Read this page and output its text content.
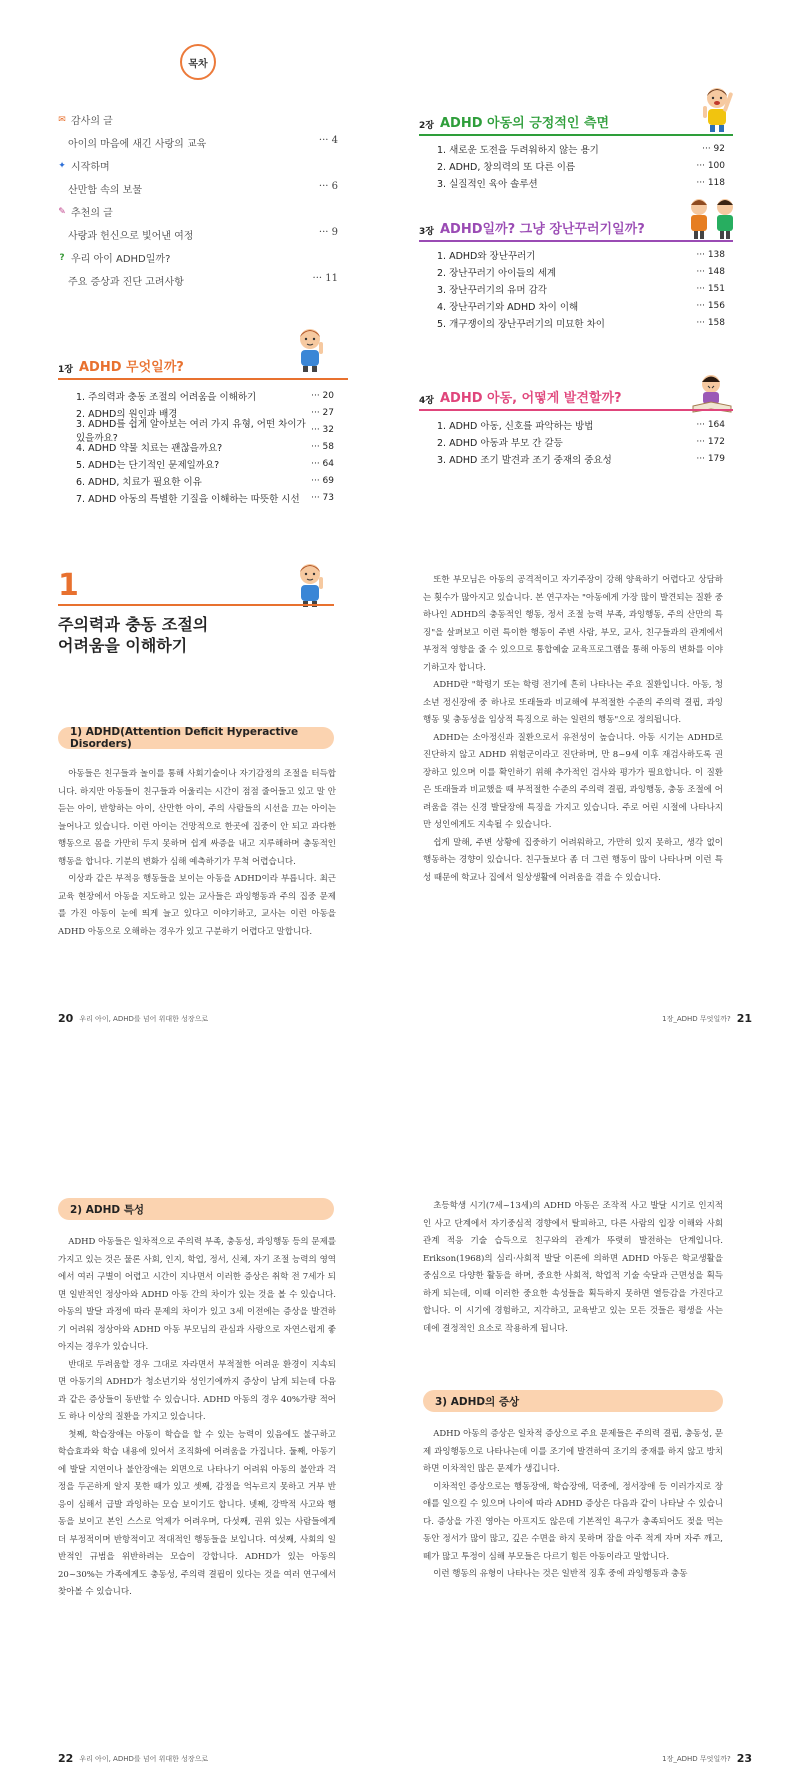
목차
✉ 감사의 글
아이의 마음에 새긴 사랑의 교육	··· 4
✦ 시작하며
산만함 속의 보물	··· 6
✎ 추천의 글
사랑과 헌신으로 빛어낸 여정	··· 9
? 우리 아이 ADHD일까?
주요 증상과 진단 고려사항	··· 11
1장 ADHD 무엇일까?
1. 주의력과 충동 조절의 어려움을 이해하기	··· 20
2. ADHD의 원인과 배경	··· 27
3. ADHD를 쉽게 알아보는 여러 가지 유형, 어떤 차이가 있을까요?
··· 32
4. ADHD 약물 치료는 괜찮을까요?	··· 58
5. ADHD는 단기적인 문제일까요?	··· 64
6. ADHD, 치료가 필요한 이유	··· 69
7. ADHD 아동의 특별한 기질을 이해하는 따뜻한 시선 ··· 73
2장 ADHD 아동의 긍정적인 측면
1. 새로운 도전을 두려워하지 않는 용기	··· 92
2. ADHD, 창의력의 또 다른 이름	··· 100
3. 실질적인 육아 솔루션	··· 118
3장 ADHD일까? 그냥 장난꾸러기일까?
1. ADHD와 장난꾸러기	··· 138
2. 장난꾸러기 아이들의 세계	··· 148
3. 장난꾸러기의 유머 감각	··· 151
4. 장난꾸러기와 ADHD 차이 이해	··· 156
5. 개구쟁이의 장난꾸러기의 미묘한 차이	··· 158
4장 ADHD 아동, 어떻게 발견할까?
1. ADHD 아동, 신호를 파악하는 방법	··· 164
2. ADHD 아동과 부모 간 갈등	··· 172
3. ADHD 조기 발견과 조기 중재의 중요성	··· 179
1
주의력과 충동 조절의
어려움을 이해하기
1) ADHD(Attention Deficit Hyperactive Disorders)

아동들은 친구들과 놀이를 통해 사회기술이나 자기감정의 조절을 터득합니다. 하지만 아동들이 친구들과 어울리는 시간이 점점 줄어들고 있고 말 안 듣는 아이, 반항하는 아이, 산만한 아이, 주의 사람들의 시선을 끄는 아이는 늘어나고 있습니다. 이런 아이는 건망적으로 한곳에 집중이 안 되고 과다한 행동으로 몸을 가만히 두지 못하며 쉽게 싸증을 내고 지루해하며 충동적인 행동을 합니다. 기분의 변화가 심해 예측하기가 무척 어렵습니다.

이상과 같은 부적응 행동들을 보이는 아동을 ADHD이라 부릅니다. 최근 교육 현장에서 아동을 지도하고 있는 교사들은 과잉행동과 주의 집중 문제를 가진 아동이 눈에 띄게 늘고 있다고 이야기하고, 교사는 이런 아동을 ADHD 아동으로 오해하는 경우가 있고 구분하기 어렵다고 말합니다.

20 우리 아이, ADHD를 넘어 위대한 성장으로

또한 부모님은 아동의 공격적이고 자기주장이 강해 양육하기 어렵다고 상담하는 횟수가 많아지고 있습니다. 본 연구자는 "아동에게 가장 많이 발견되는 질환 중 하나인 ADHD의 충동적인 행동, 정서 조절 능력 부족, 과잉행동, 주의 산만의 특징"을 살펴보고 이런 특이한 행동이 주변 사람, 부모, 교사, 친구들과의 관계에서 부정적 영향을 줄 수 있으므로 통합예술 교육프로그램을 통해 아동의 변화를 이야기하고자 합니다.

ADHD란 "학령기 또는 학령 전기에 흔히 나타나는 주요 질환입니다. 아동, 청소년 정신장애 중 하나로 또래들과 비교해에 부적절한 수준의 주의력 결핍, 과잉행동 및 충동성을 임상적 특징으로 하는 일련의 행동"으로 정의됩니다.

ADHD는 소아정신과 질환으로서 유전성이 높습니다. 아동 시기는 ADHD로 진단하지 않고 ADHD 위험군이라고 진단하며, 만 8~9세 이후 재검사하도록 권장하고 있으며 이를 확인하기 위해 추가적인 검사와 평가가 필요합니다. 이 질환은 또래들과 비교했을 때 부적절한 수준의 주의력 결핍, 과잉행동, 충동 조절에 어려움을 겪는 신경 발달장애 특징을 가지고 있습니다. 주로 어린 시절에 나타나지만 성인에게도 지속될 수 있습니다.

쉽게 말해, 주변 상황에 집중하기 어려워하고, 가만히 있지 못하고, 생각 없이 행동하는 경향이 있습니다. 친구들보다 좀 더 그런 행동이 많이 나타나며 이런 특성 때문에 학교나 집에서 일상생활에 어려움을 겪을 수 있습니다.

1장_ADHD 무엇일까? 21
2) ADHD 특성

ADHD 아동들은 일차적으로 주의력 부족, 충동성, 과잉행동 등의 문제를 가지고 있는 것은 물론 사회, 인지, 학업, 정서, 신체, 자기 조절 능력의 영역에서 여러 구별이 어렵고 시간이 지나면서 이러한 증상은 취학 전 7세가 되면 일반적인 정상아와 ADHD 아동 간의 차이가 있는 것을 볼 수 있습니다. 아동의 발달 과정에 따라 문제의 차이가 있고 3세 이전에는 증상을 발견하기 어려워 정상아와 ADHD 아동 부모님의 관심과 사랑으로 자연스럽게 좋아지는 경우가 있습니다.

반대로 두려움할 경우 그대로 자라면서 부적절한 어려운 환경이 지속되면 아동기의 ADHD가 청소년기와 성인기에까지 증상이 남게 되는데 다음과 같은 증상들이 동반할 수 있습니다. ADHD 아동의 경우 40%가량 적어도 하나 이상의 질환을 가지고 있습니다.

첫째, 학습장애는 아동이 학습을 할 수 있는 능력이 있음에도 불구하고 학습효과와 학습 내용에 있어서 조직화에 어려움을 가집니다. 둘째, 아동기에 발달 지연이나 불안장애는 외면으로 나타나기 어려워 아동의 불안과 걱정을 두곤하게 알지 못한 때가 있고 셋째, 감정을 억누르지 못하고 거부 반응이 심해서 급발 과잉하는 모습 보이기도 합니다. 넷째, 강박적 사고와 행동을 보이고 본인 스스로 억제가 어려우며, 다섯째, 권위 있는 사람들에게 더 부정적이며 반항적이고 적대적인 행동들을 보입니다. 여섯째, 사회의 일반적인 규범을 위반하려는 모습이 강합니다. ADHD가 있는 아동의 20~30%는 가족에게도 충동성, 주의력 결핍이 있다는 것을 여러 연구에서 찾아볼 수 있습니다.

22 우리 아이, ADHD를 넘어 위대한 성장으로

초등학생 시기(7세~13세)의 ADHD 아동은 조작적 사고 발달 시기로 인지적인 사고 단계에서 자기중심적 경향에서 탈피하고, 다른 사람의 입장 이해와 사회관계 적응 기술 습득으로 친구와의 관계가 뚜렷히 발전하는 단계입니다. Erikson(1968)의 심리·사회적 발달 이론에 의하면 ADHD 아동은 학교생활을 중심으로 다양한 활동을 하며, 중요한 사회적, 학업적 기술 숙달과 근면성을 획득하게 되는데, 이때 이러한 중요한 속성들을 획득하지 못하면 열등감을 가진다고 합니다. 이 시기에 경험하고, 지각하고, 교육받고 있는 모든 것들은 평생을 사는 데에 결정적인 요소로 작용하게 됩니다.

3) ADHD의 증상

ADHD 아동의 증상은 일차적 증상으로 주요 문제들은 주의력 결핍, 충동성, 문제 과잉행동으로 나타나는데 이를 조기에 발견하여 조기의 중재를 하지 않고 방치하면 이차적인 많은 문제가 생깁니다.

이차적인 증상으로는 행동장애, 학습장애, 덕중에, 정서장애 등 이러가지로 장애를 일으킬 수 있으며 나이에 따라 ADHD 증상은 다음과 같이 나타날 수 있습니다. 증상을 가진 영아는 아프지도 않은데 기본적인 욕구가 충족되어도 젖을 먹는 동안 정서가 많이 많고, 깊은 수면을 하지 못하며 잠을 아주 적게 자며 자주 깨고, 떼가 많고 투정이 심해 부모들은 다르기 힘든 아동이라고 말합니다.

이런 행동의 유형이 나타나는 것은 일반적 징후 중에 과잉행동과 충동

1장_ADHD 무엇일까? 23
